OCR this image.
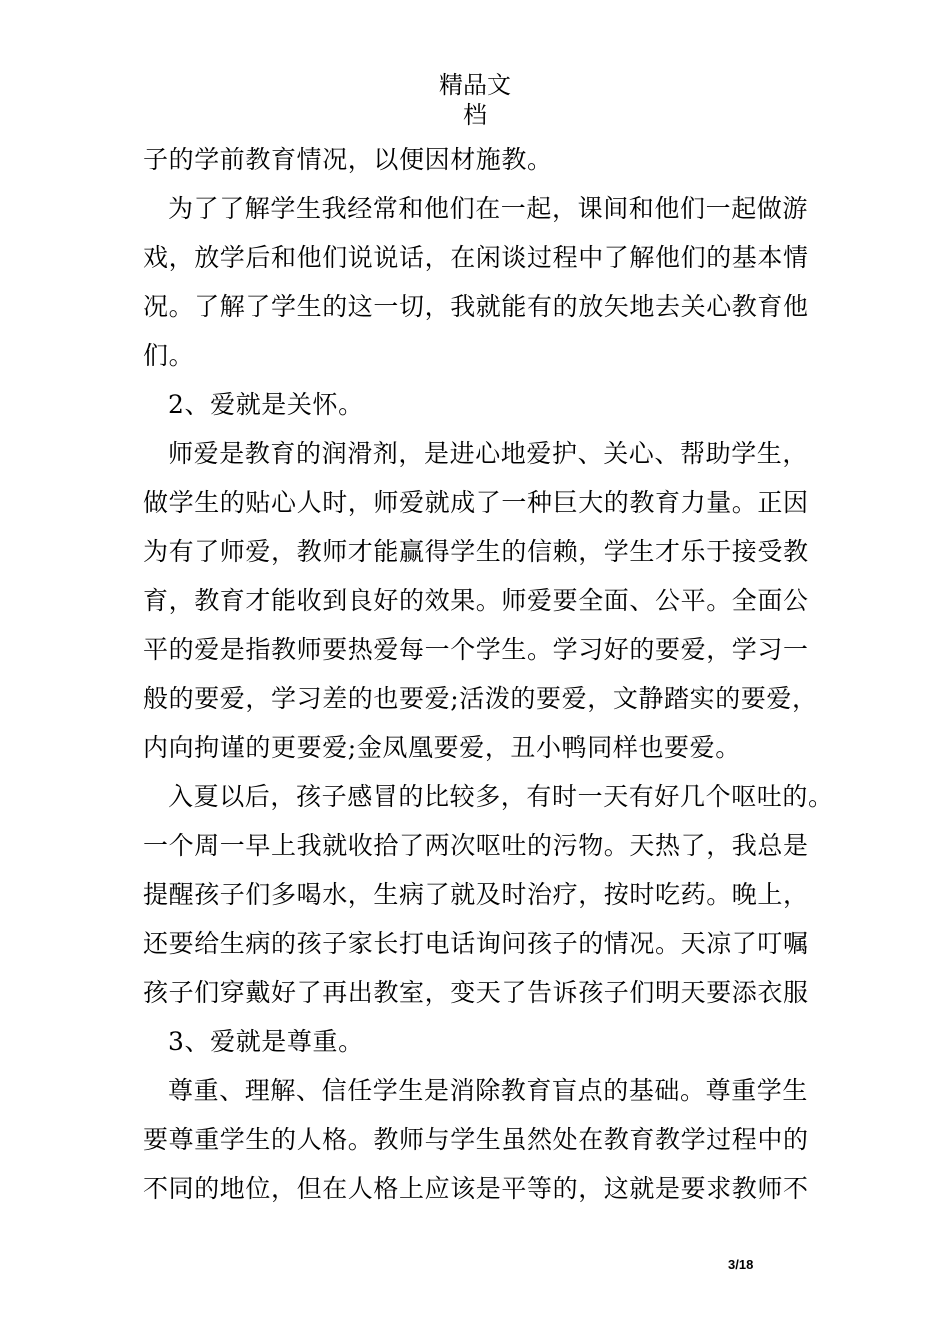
精品文
档

子的学前教育情况，以便因材施教。

为了了解学生我经常和他们在一起，课间和他们一起做游
戏，放学后和他们说说话，在闲谈过程中了解他们的基本情
况。了解了学生的这一切，我就能有的放矢地去关心教育他
们。

2、爱就是关怀。

师爱是教育的润滑剂，是进心地爱护、关心、帮助学生，
做学生的贴心人时，师爱就成了一种巨大的教育力量。正因
为有了师爱，教师才能赢得学生的信赖，学生才乐于接受教
育，教育才能收到良好的效果。师爱要全面、公平。全面公
平的爱是指教师要热爱每一个学生。学习好的要爱，学习一
般的要爱，学习差的也要爱;活泼的要爱，文静踏实的要爱，
内向拘谨的更要爱;金凤凰要爱，丑小鸭同样也要爱。

入夏以后，孩子感冒的比较多，有时一天有好几个呕吐的。
一个周一早上我就收拾了两次呕吐的污物。天热了，我总是
提醒孩子们多喝水，生病了就及时治疗，按时吃药。晚上，
还要给生病的孩子家长打电话询问孩子的情况。天凉了叮嘱
孩子们穿戴好了再出教室，变天了告诉孩子们明天要添衣服

3、爱就是尊重。

尊重、理解、信任学生是消除教育盲点的基础。尊重学生
要尊重学生的人格。教师与学生虽然处在教育教学过程中的
不同的地位，但在人格上应该是平等的，这就是要求教师不

3/18
